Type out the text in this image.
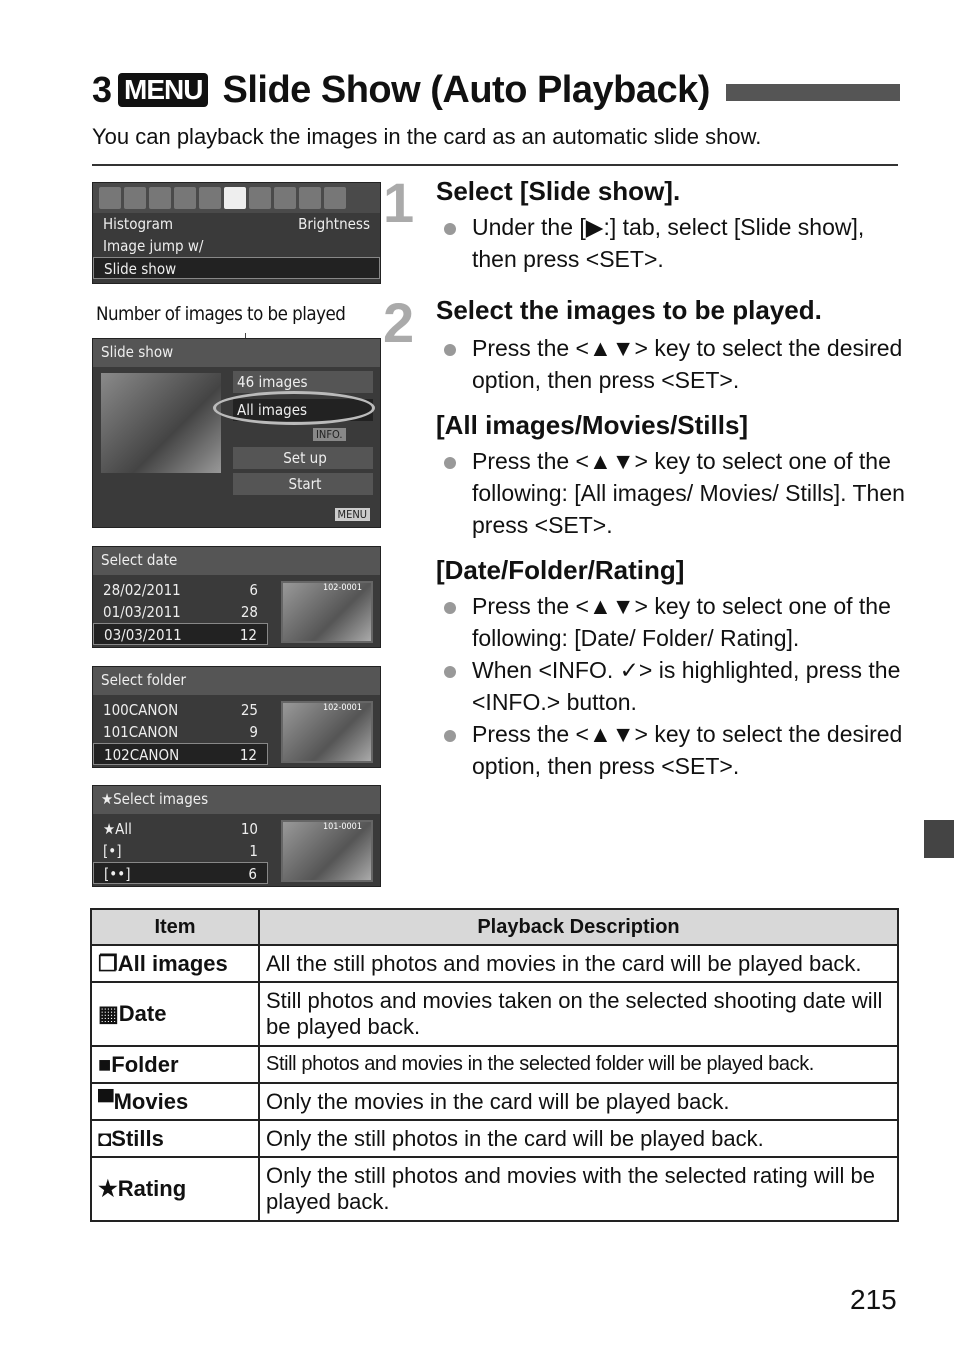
3 MENU Slide Show (Auto Playback)
You can playback the images in the card as an automatic slide show.
Histogram	Brightness
Image jump w/
Slide show
Number of images to be played
Slide show
46 images
All images
INFO.
Set up
Start
MENU
Select date
28/02/2011	6
01/03/2011	28
03/03/2011	12
102-0001
Select folder
100CANON	25
101CANON	9
102CANON	12
102-0001
★Select images
★All	10
[•]	1
[••]	6
101-0001
1 Select [Slide show].
Under the [▶:] tab, select [Slide show], then press <SET>.
2 Select the images to be played.
Press the <▲▼> key to select the desired option, then press <SET>.
[All images/Movies/Stills]
Press the <▲▼> key to select one of the following: [All images/ Movies/ Stills]. Then press <SET>.
[Date/Folder/Rating]
Press the <▲▼> key to select one of the following: [Date/ Folder/ Rating].
When <INFO. ✓> is highlighted, press the <INFO.> button.
Press the <▲▼> key to select the desired option, then press <SET>.
Item	Playback Description
❐All images	All the still photos and movies in the card will be played back.
▦Date	Still photos and movies taken on the selected shooting date will be played back.
■Folder	Still photos and movies in the selected folder will be played back.
▀Movies	Only the movies in the card will be played back.
◘Stills	Only the still photos in the card will be played back.
★Rating	Only the still photos and movies with the selected rating will be played back.
215
